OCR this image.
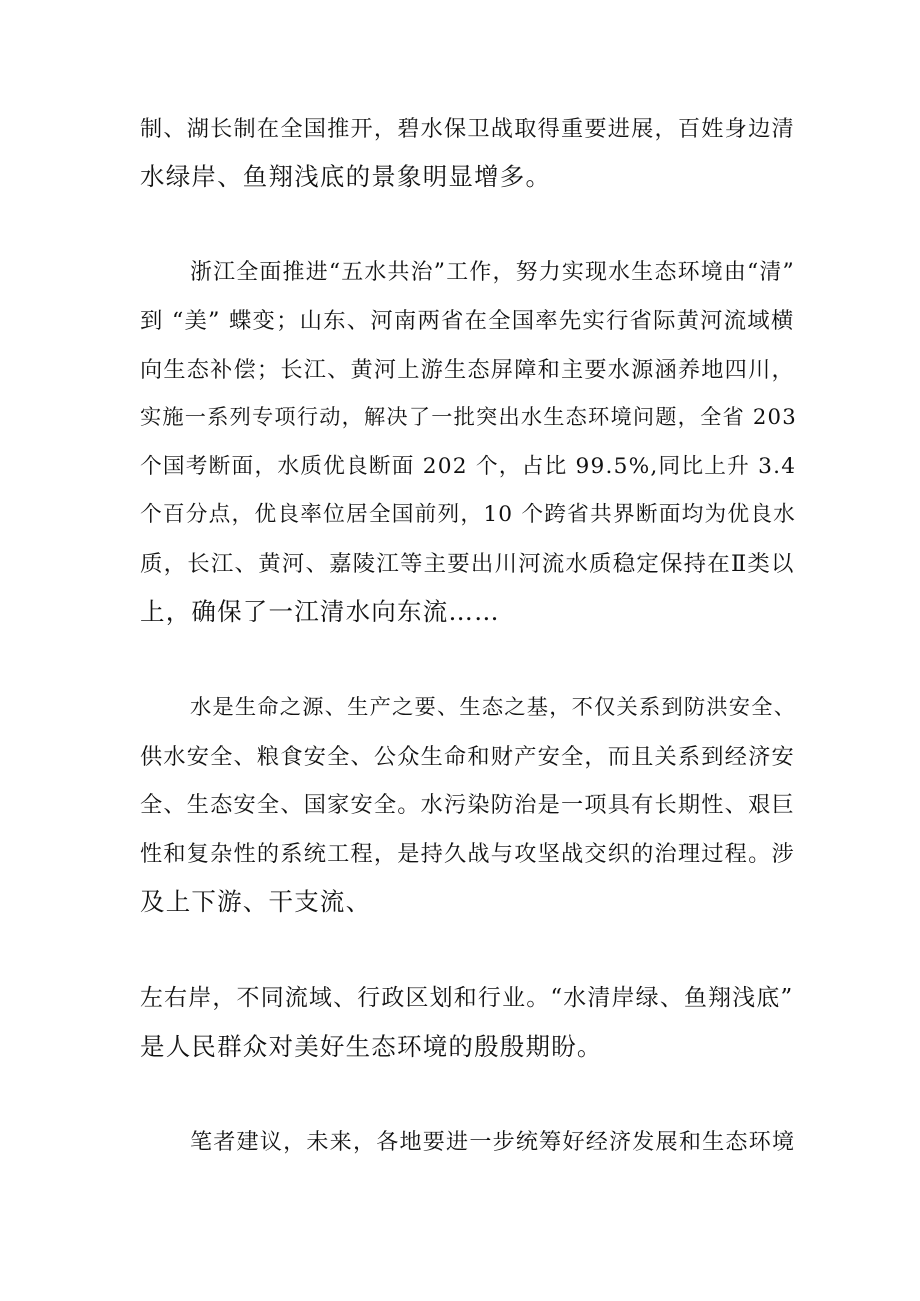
制、湖长制在全国推开，碧水保卫战取得重要进展，百姓身边清
水绿岸、鱼翔浅底的景象明显增多。
浙江全面推进“五水共治”工作，努力实现水生态环境由“清”
到 “美” 蝶变；山东、河南两省在全国率先实行省际黄河流域横
向生态补偿；长江、黄河上游生态屏障和主要水源涵养地四川，
实施一系列专项行动，解决了一批突出水生态环境问题，全省 203
个国考断面，水质优良断面 202 个，占比 99.5%,同比上升 3.4
个百分点，优良率位居全国前列，10 个跨省共界断面均为优良水
质，长江、黄河、嘉陵江等主要出川河流水质稳定保持在Ⅱ类以
上，确保了一江清水向东流……
水是生命之源、生产之要、生态之基，不仅关系到防洪安全、
供水安全、粮食安全、公众生命和财产安全，而且关系到经济安
全、生态安全、国家安全。水污染防治是一项具有长期性、艰巨
性和复杂性的系统工程，是持久战与攻坚战交织的治理过程。涉
及上下游、干支流、
左右岸，不同流域、行政区划和行业。“水清岸绿、鱼翔浅底”
是人民群众对美好生态环境的殷殷期盼。
笔者建议，未来，各地要进一步统筹好经济发展和生态环境
